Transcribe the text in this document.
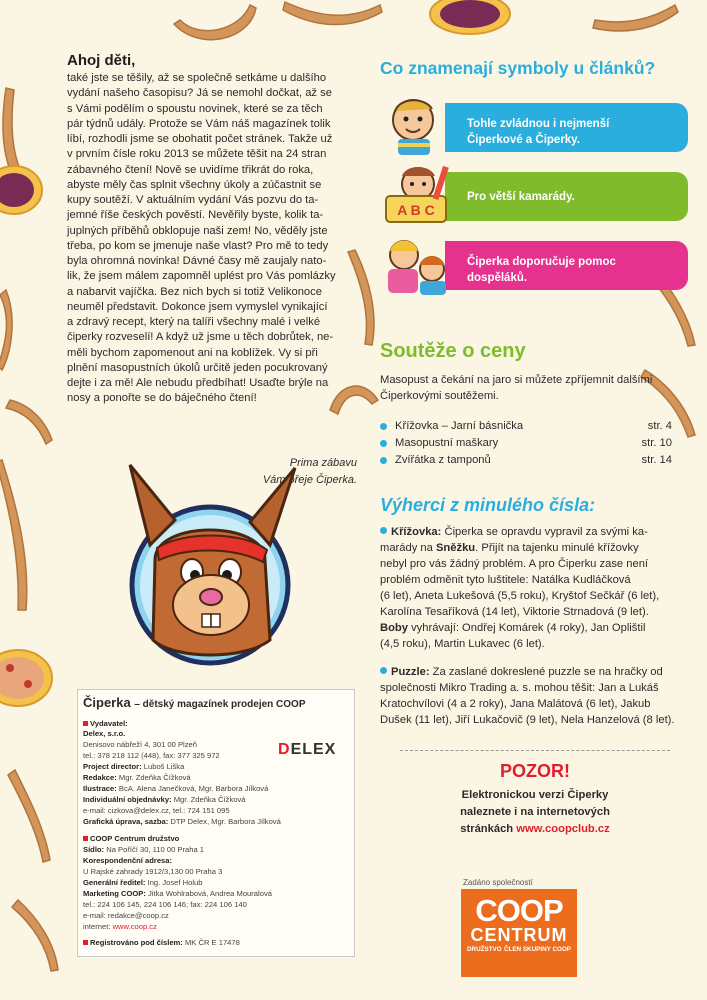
Ahoj děti,
také jste se těšily, až se společně setkáme u dalšího
vydání našeho časopisu? Já se nemohl dočkat, až se
s Vámi podělím o spoustu novinek, které se za těch
pár týdnů udály. Protože se Vám náš magazínek tolik
líbí, rozhodli jsme se obohatit počet stránek. Takže už
v prvním čísle roku 2013 se můžete těšit na 24 stran
zábavného čtení! Nově se uvidíme třikrát do roka,
abyste měly čas splnit všechny úkoly a zúčastnit se
kupy soutěží. V aktuálním vydání Vás pozvu do ta-
jemné říše českých pověstí. Nevěřily byste, kolik ta-
juplných příběhů obklopuje naši zem! No, věděly jste
třeba, po kom se jmenuje naše vlast? Pro mě to tedy
byla ohromná novinka! Dávné časy mě zaujaly nato-
lik, že jsem málem zapomněl uplést pro Vás pomlázky
a nabarvit vajíčka. Bez nich bych si totiž Velikonoce
neuměl představit. Dokonce jsem vymyslel vynikající
a zdravý recept, který na talíři všechny malé i velké
čiperky rozveselí! A když už jsme u těch dobrůtek, ne-
měli bychom zapomenout ani na koblížek. Vy si při
plnění masopustních úkolů určitě jeden pocukrovaný
dejte i za mě! Ale nebudu předbíhat! Usaďte brýle na
nosy a ponořte se do báječného čtení!
Prima zábavu
Vám přeje Čiperka.
Co znamenají symboly u článků?
Tohle zvládnou i nejmenší
Čiperkové a Čiperky.
Pro větší kamarády.
A B C
Čiperka doporučuje pomoc
dospěláků.
Soutěže o ceny
Masopust a čekání na jaro si můžete zpříjemnit dalšími
Čiperkovými soutěžemi.
Křížovka – Jarní básnička	str. 4
Masopustní maškary	str. 10
Zvířátka z tamponů	str. 14
Výherci z minulého čísla:
Křížovka: Čiperka se opravdu vypravil za svými ka-
marády na Sněžku. Přijít na tajenku minulé křížovky
nebyl pro vás žádný problém. A pro Čiperku zase není
problém odměnit tyto luštitele: Natálka Kudláčková
(6 let), Aneta Lukešová (5,5 roku), Kryštof Sečkář (6 let),
Karolína Tesaříková (14 let), Viktorie Strnadová (9 let).
Boby vyhrávají: Ondřej Komárek (4 roky), Jan Oplištil
(4,5 roku), Martin Lukavec (6 let).
Puzzle: Za zaslané dokreslené puzzle se na hračky od
společnosti Mikro Trading a. s. mohou těšit: Jan a Lukáš
Kratochvílovi (4 a 2 roky), Jana Malátová (6 let), Jakub
Dušek (11 let), Jiří Lukačovič (9 let), Nela Hanzelová (8 let).
POZOR!
Elektronickou verzi Čiperky
naleznete i na internetových
stránkách www.coopclub.cz
Zadáno společností
COOP
CENTRUM
DRUŽSTVO ČLEN SKUPINY COOP
Čiperka – dětský magazínek prodejen COOP
DELEX
Vydavatel:
Delex, s.r.o.
Denisovo nábřeží 4, 301 00 Plzeň
tel.: 378 218 112 (448), fax: 377 325 972
Project director: Luboš Liška
Redakce: Mgr. Zdeňka Čížková
Ilustrace: BcA. Alena Janečková, Mgr. Barbora Jílková
Individuální objednávky: Mgr. Zdeňka Čížková
e-mail: cizkova@delex.cz, tel.: 724 151 095
Grafická úprava, sazba: DTP Delex, Mgr. Barbora Jílková
COOP Centrum družstvo
Sídlo: Na Poříčí 30, 110 00 Praha 1
Korespondenční adresa:
U Rajské zahrady 1912/3,130 00 Praha 3
Generální ředitel: Ing. Josef Holub
Marketing COOP: Jitka Wohlrabová, Andrea Mouralová
tel.: 224 106 145, 224 106 146; fax: 224 106 140
e-mail: redakce@coop.cz
internet: www.coop.cz
Registrováno pod číslem: MK ČR E 17478
